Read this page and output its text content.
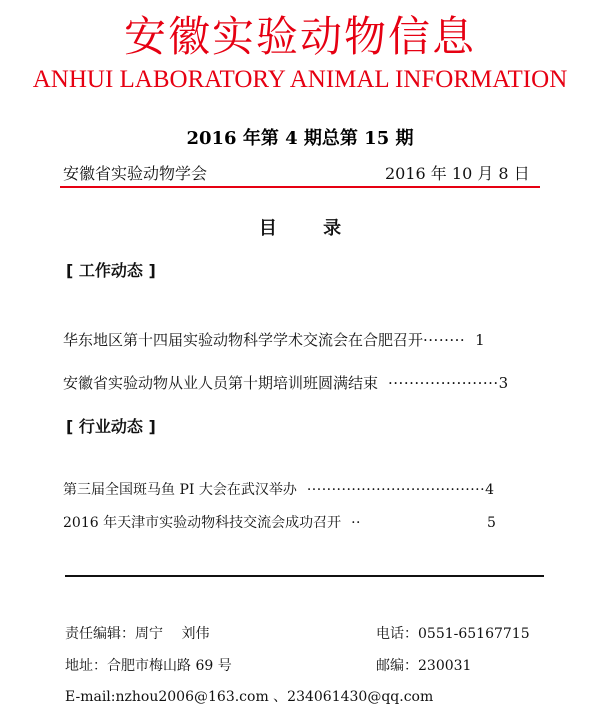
安徽实验动物信息
ANHUI LABORATORY ANIMAL INFORMATION
2016 年第 4 期总第 15 期
安徽省实验动物学会	2016 年 10 月 8 日
目 录
[ 工作动态 ]
华东地区第十四届实验动物科学学术交流会在合肥召开········ 1
安徽省实验动物从业人员第十期培训班圆满结束 ·····················3
[ 行业动态 ]
第三届全国斑马鱼 PI 大会在武汉举办 ····································4
2016 年天津市实验动物科技交流会成功召开 ··	5
责任编辑：周宁 刘伟	电话：0551-65167715
地址：合肥市梅山路 69 号	邮编：230031
E-mail:nzhou2006@163.com 、234061430@qq.com
